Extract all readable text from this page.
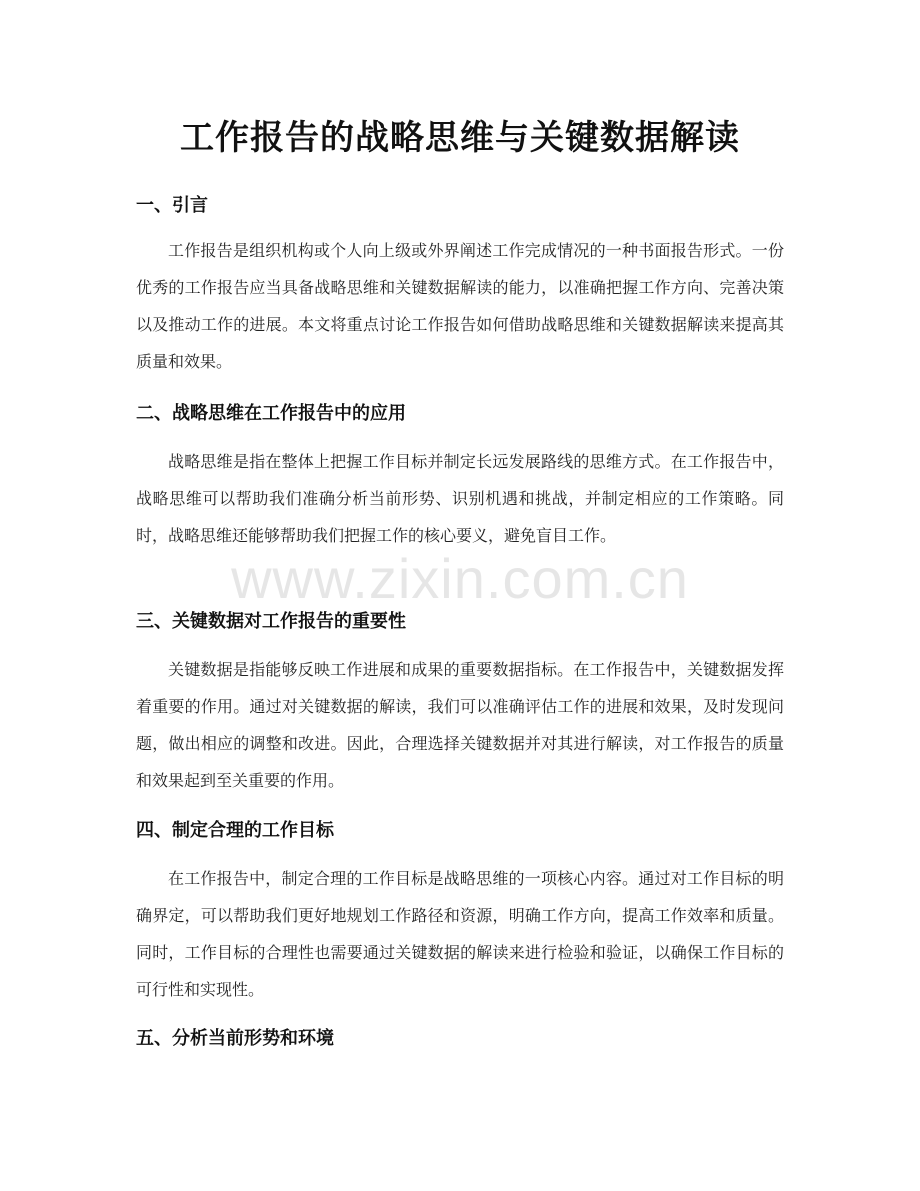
工作报告的战略思维与关键数据解读
一、引言

工作报告是组织机构或个人向上级或外界阐述工作完成情况的一种书面报告形式。一份优秀的工作报告应当具备战略思维和关键数据解读的能力，以准确把握工作方向、完善决策以及推动工作的进展。本文将重点讨论工作报告如何借助战略思维和关键数据解读来提高其质量和效果。

二、战略思维在工作报告中的应用

战略思维是指在整体上把握工作目标并制定长远发展路线的思维方式。在工作报告中，战略思维可以帮助我们准确分析当前形势、识别机遇和挑战，并制定相应的工作策略。同时，战略思维还能够帮助我们把握工作的核心要义，避免盲目工作。

三、关键数据对工作报告的重要性

关键数据是指能够反映工作进展和成果的重要数据指标。在工作报告中，关键数据发挥着重要的作用。通过对关键数据的解读，我们可以准确评估工作的进展和效果，及时发现问题，做出相应的调整和改进。因此，合理选择关键数据并对其进行解读，对工作报告的质量和效果起到至关重要的作用。

四、制定合理的工作目标

在工作报告中，制定合理的工作目标是战略思维的一项核心内容。通过对工作目标的明确界定，可以帮助我们更好地规划工作路径和资源，明确工作方向，提高工作效率和质量。同时，工作目标的合理性也需要通过关键数据的解读来进行检验和验证，以确保工作目标的可行性和实现性。

五、分析当前形势和环境
www.zixin.com.cn
